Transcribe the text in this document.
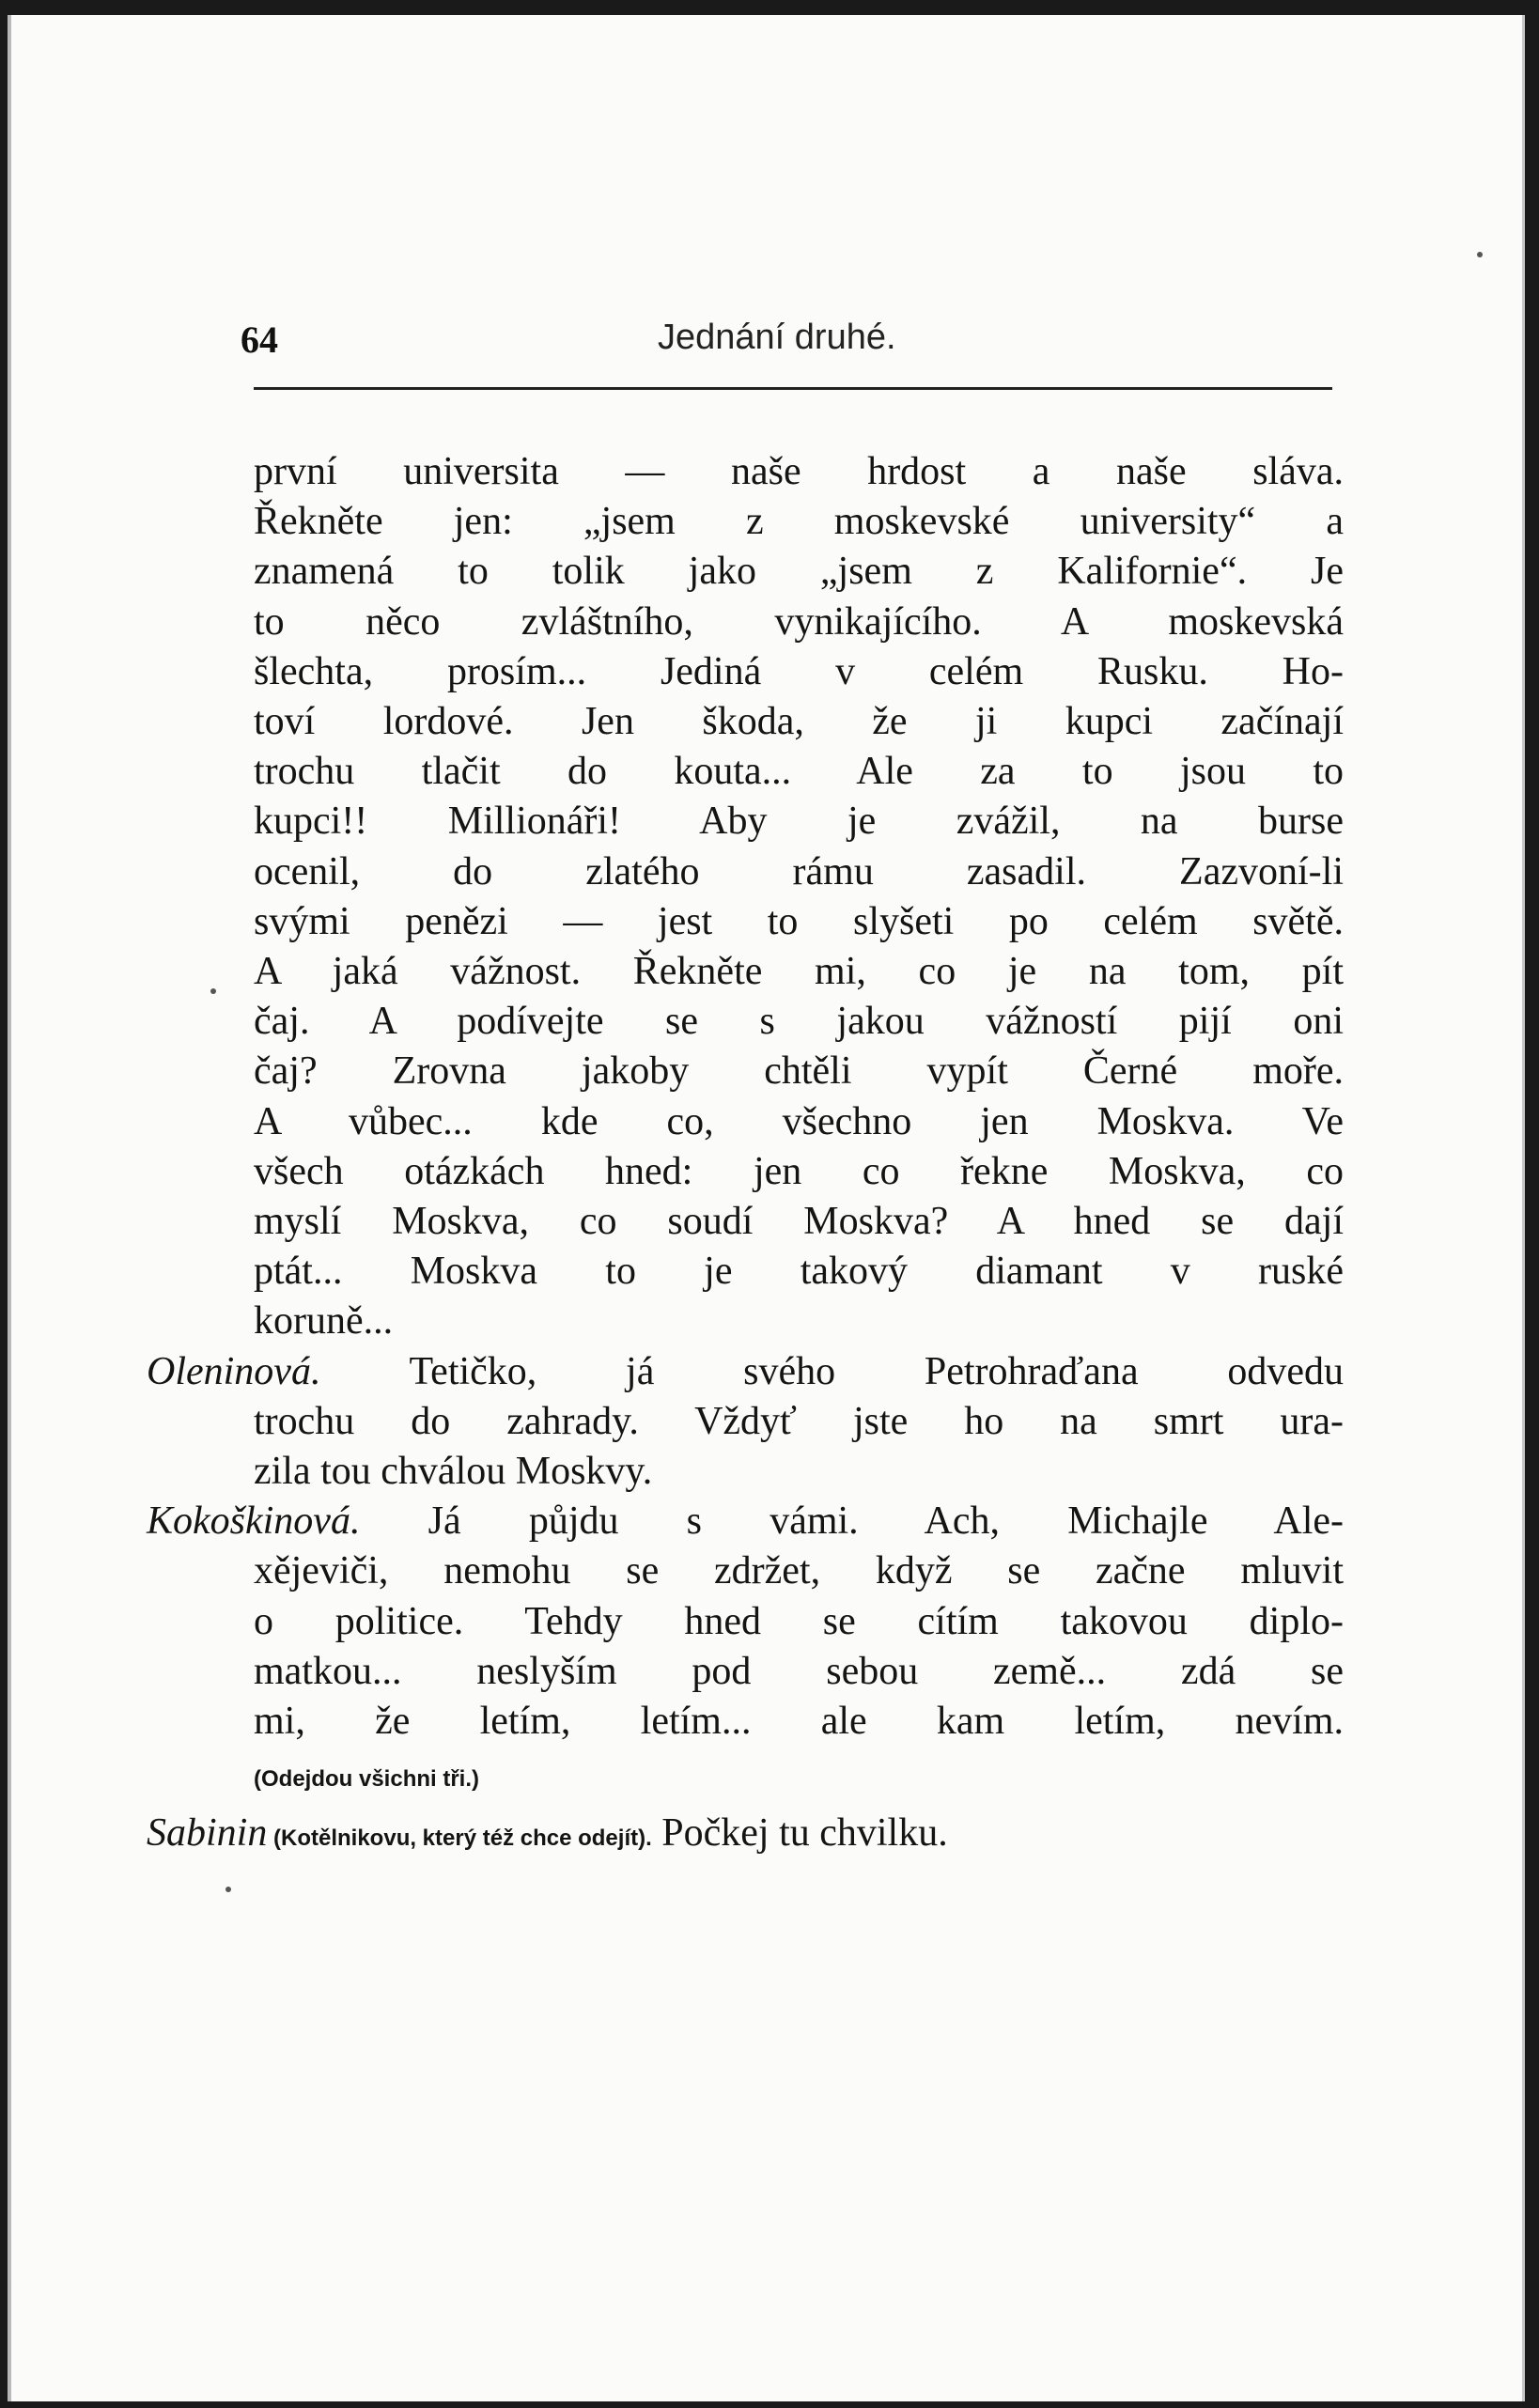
64	Jednání druhé.
první universita — naše hrdost a naše sláva.
Řekněte jen: „jsem z moskevské university“ a
znamená to tolik jako „jsem z Kalifornie“. Je
to něco zvláštního, vynikajícího. A moskevská
šlechta, prosím... Jediná v celém Rusku. Ho-
toví lordové. Jen škoda, že ji kupci začínají
trochu tlačit do kouta... Ale za to jsou to
kupci!! Millionáři! Aby je zvážil, na burse
ocenil, do zlatého rámu zasadil. Zazvoní-li
svými penězi — jest to slyšeti po celém světě.
A jaká vážnost. Řekněte mi, co je na tom, pít
čaj. A podívejte se s jakou vážností pijí oni
čaj? Zrovna jakoby chtěli vypít Černé moře.
A vůbec... kde co, všechno jen Moskva. Ve
všech otázkách hned: jen co řekne Moskva, co
myslí Moskva, co soudí Moskva? A hned se dají
ptát... Moskva to je takový diamant v ruské
koruně...
Oleninová. Tetičko, já svého Petrohraďana odvedu
trochu do zahrady. Vždyť jste ho na smrt ura-
zila tou chválou Moskvy.
Kokoškinová. Já půjdu s vámi. Ach, Michajle Ale-
xějeviči, nemohu se zdržet, když se začne mluvit
o politice. Tehdy hned se cítím takovou diplo-
matkou... neslyším pod sebou země... zdá se
mi, že letím, letím... ale kam letím, nevím.
(Odejdou všichni tři.)
Sabinin (Kotělnikovu, který též chce odejít). Počkej tu chvilku.
